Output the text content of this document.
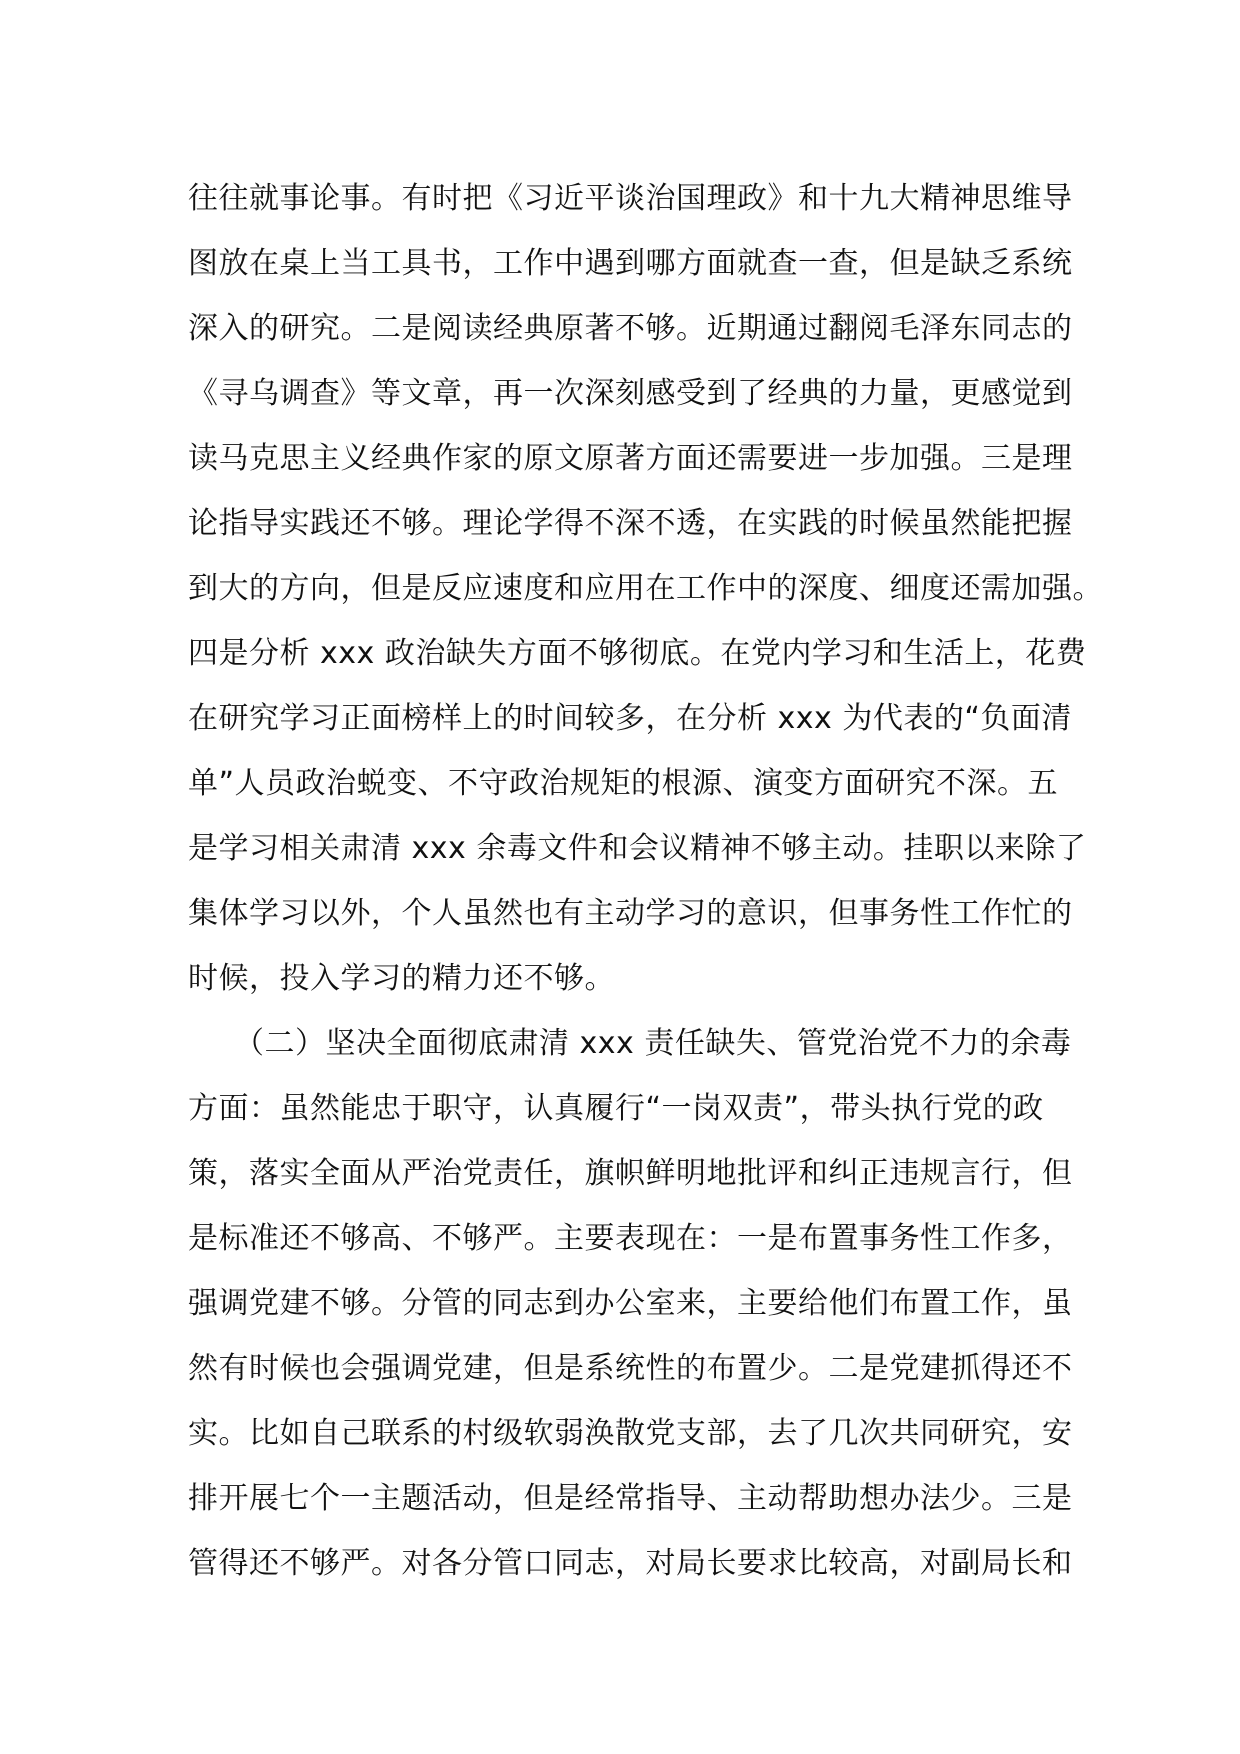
往往就事论事。有时把《习近平谈治国理政》和十九大精神思维导
图放在桌上当工具书，工作中遇到哪方面就查一查，但是缺乏系统
深入的研究。二是阅读经典原著不够。近期通过翻阅毛泽东同志的
《寻乌调查》等文章，再一次深刻感受到了经典的力量，更感觉到
读马克思主义经典作家的原文原著方面还需要进一步加强。三是理
论指导实践还不够。理论学得不深不透，在实践的时候虽然能把握
到大的方向，但是反应速度和应用在工作中的深度、细度还需加强。
四是分析 xxx 政治缺失方面不够彻底。在党内学习和生活上，花费
在研究学习正面榜样上的时间较多，在分析 xxx 为代表的“负面清
单”人员政治蜕变、不守政治规矩的根源、演变方面研究不深。五
是学习相关肃清 xxx 余毒文件和会议精神不够主动。挂职以来除了
集体学习以外，个人虽然也有主动学习的意识，但事务性工作忙的
时候，投入学习的精力还不够。
　　（二）坚决全面彻底肃清 xxx 责任缺失、管党治党不力的余毒
方面：虽然能忠于职守，认真履行“一岗双责”，带头执行党的政
策，落实全面从严治党责任，旗帜鲜明地批评和纠正违规言行，但
是标准还不够高、不够严。主要表现在：一是布置事务性工作多，
强调党建不够。分管的同志到办公室来，主要给他们布置工作，虽
然有时候也会强调党建，但是系统性的布置少。二是党建抓得还不
实。比如自己联系的村级软弱涣散党支部，去了几次共同研究，安
排开展七个一主题活动，但是经常指导、主动帮助想办法少。三是
管得还不够严。对各分管口同志，对局长要求比较高，对副局长和
